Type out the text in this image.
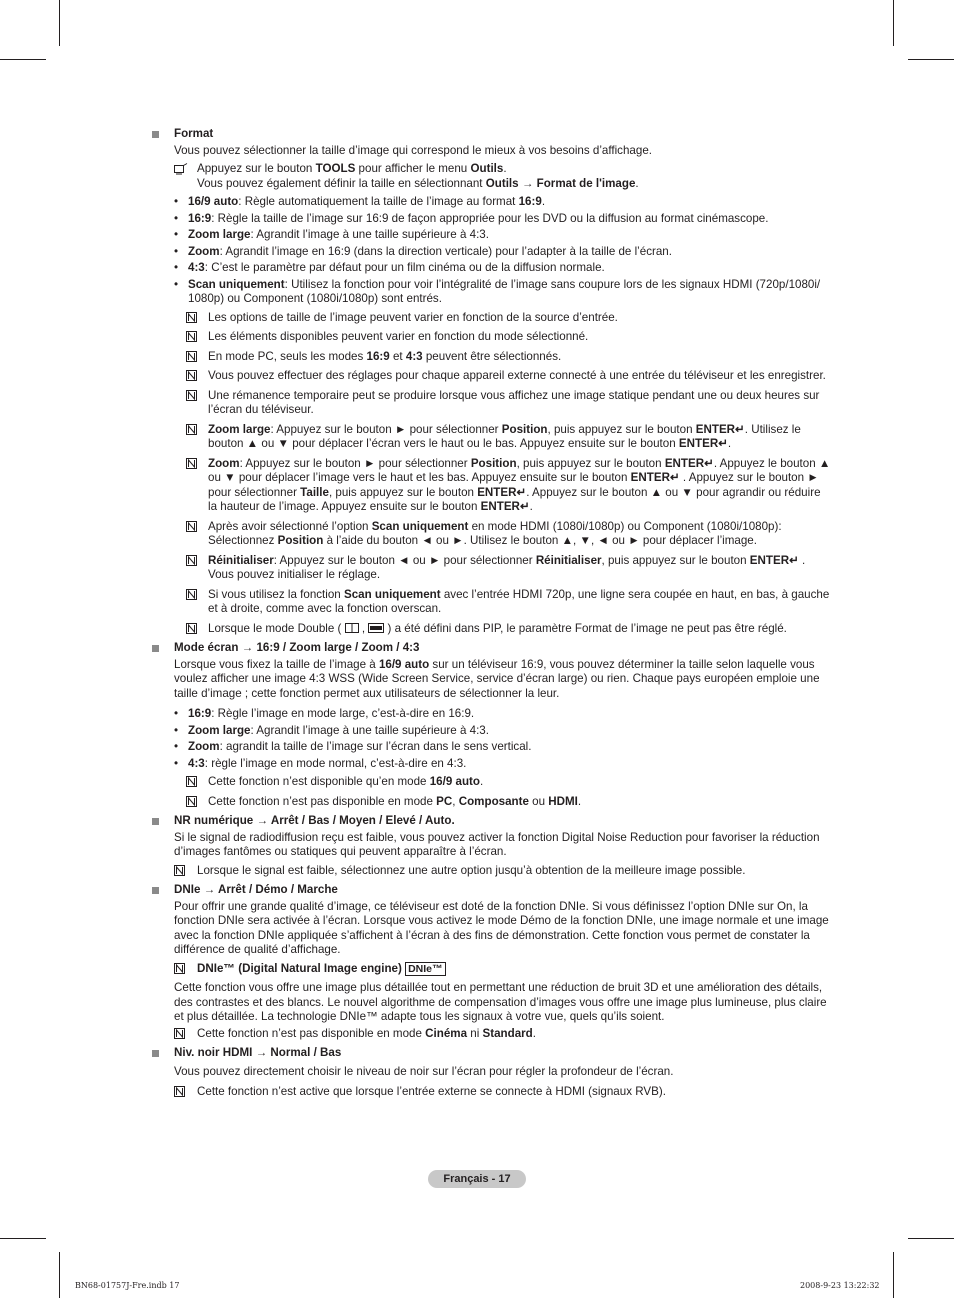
Format
Vous pouvez sélectionner la taille d’image qui correspond le mieux à vos besoins d’affichage.
Appuyez sur le bouton TOOLS pour afficher le menu Outils.
Vous pouvez également définir la taille en sélectionnant Outils → Format de l'image.
• 16/9 auto: Règle automatiquement la taille de l’image au format 16:9.
• 16:9: Règle la taille de l’image sur 16:9 de façon appropriée pour les DVD ou la diffusion au format cinémascope.
• Zoom large: Agrandit l’image à une taille supérieure à 4:3.
• Zoom: Agrandit l’image en 16:9 (dans la direction verticale) pour l’adapter à la taille de l’écran.
• 4:3: C’est le paramètre par défaut pour un film cinéma ou de la diffusion normale.
• Scan uniquement: Utilisez la fonction pour voir l’intégralité de l’image sans coupure lors de les signaux HDMI (720p/1080i/ 1080p) ou Component (1080i/1080p) sont entrés.
Les options de taille de l’image peuvent varier en fonction de la source d’entrée.
Les éléments disponibles peuvent varier en fonction du mode sélectionné.
En mode PC, seuls les modes 16:9 et 4:3 peuvent être sélectionnés.
Vous pouvez effectuer des réglages pour chaque appareil externe connecté à une entrée du téléviseur et les enregistrer.
Une rémanence temporaire peut se produire lorsque vous affichez une image statique pendant une ou deux heures sur l’écran du téléviseur.
Zoom large: Appuyez sur le bouton ► pour sélectionner Position, puis appuyez sur le bouton ENTER↵. Utilisez le bouton ▲ ou ▼ pour déplacer l’écran vers le haut ou le bas. Appuyez ensuite sur le bouton ENTER↵.
Zoom: Appuyez sur le bouton ► pour sélectionner Position, puis appuyez sur le bouton ENTER↵. Appuyez le bouton ▲ ou ▼ pour déplacer l’image vers le haut et les bas. Appuyez ensuite sur le bouton ENTER↵ . Appuyez sur le bouton ► pour sélectionner Taille, puis appuyez sur le bouton ENTER↵. Appuyez sur le bouton ▲ ou ▼ pour agrandir ou réduire la hauteur de l’image. Appuyez ensuite sur le bouton ENTER↵.
Après avoir sélectionné l’option Scan uniquement en mode HDMI (1080i/1080p) ou Component (1080i/1080p): Sélectionnez Position à l’aide du bouton ◄ ou ►. Utilisez le bouton ▲, ▼, ◄ ou ► pour déplacer l’image.
Réinitialiser: Appuyez sur le bouton ◄ ou ► pour sélectionner Réinitialiser, puis appuyez sur le bouton ENTER↵ . Vous pouvez initialiser le réglage.
Si vous utilisez la fonction Scan uniquement avec l’entrée HDMI 720p, une ligne sera coupée en haut, en bas, à gauche et à droite, comme avec la fonction overscan.
Lorsque le mode Double (  ,  ) a été défini dans PIP, le paramètre Format de l’image ne peut pas être réglé.
Mode écran → 16:9 / Zoom large / Zoom / 4:3
Lorsque vous fixez la taille de l’image à 16/9 auto sur un téléviseur 16:9, vous pouvez déterminer la taille selon laquelle vous voulez afficher une image 4:3 WSS (Wide Screen Service, service d’écran large) ou rien. Chaque pays européen emploie une taille d’image ; cette fonction permet aux utilisateurs de sélectionner la leur.
• 16:9: Règle l’image en mode large, c’est-à-dire en 16:9.
• Zoom large: Agrandit l’image à une taille supérieure à 4:3.
• Zoom: agrandit la taille de l’image sur l’écran dans le sens vertical.
• 4:3: règle l’image en mode normal, c’est-à-dire en 4:3.
Cette fonction n’est disponible qu’en mode 16/9 auto.
Cette fonction n’est pas disponible en mode PC, Composante ou HDMI.
NR numérique → Arrêt / Bas / Moyen / Elevé / Auto.
Si le signal de radiodiffusion reçu est faible, vous pouvez activer la fonction Digital Noise Reduction pour favoriser la réduction d’images fantômes ou statiques qui peuvent apparaître à l’écran.
Lorsque le signal est faible, sélectionnez une autre option jusqu’à obtention de la meilleure image possible.
DNIe → Arrêt / Démo / Marche
Pour offrir une grande qualité d’image, ce téléviseur est doté de la fonction DNIe. Si vous définissez l’option DNIe sur On, la fonction DNIe sera activée à l’écran. Lorsque vous activez le mode Démo de la fonction DNIe, une image normale et une image avec la fonction DNIe appliquée s’affichent à l’écran à des fins de démonstration. Cette fonction vous permet de constater la différence de qualité d’affichage.
DNIe™ (Digital Natural Image engine) DNIe™
Cette fonction vous offre une image plus détaillée tout en permettant une réduction de bruit 3D et une amélioration des détails, des contrastes et des blancs. Le nouvel algorithme de compensation d’images vous offre une image plus lumineuse, plus claire et plus détaillée. La technologie DNIe™ adapte tous les signaux à votre vue, quels qu’ils soient.
Cette fonction n’est pas disponible en mode Cinéma ni Standard.
Niv. noir HDMI → Normal / Bas
Vous pouvez directement choisir le niveau de noir sur l’écran pour régler la profondeur de l’écran.
Cette fonction n’est active que lorsque l’entrée externe se connecte à HDMI (signaux RVB).
Français - 17
BN68-01757J-Fre.indb 17	2008-9-23 13:22:32
